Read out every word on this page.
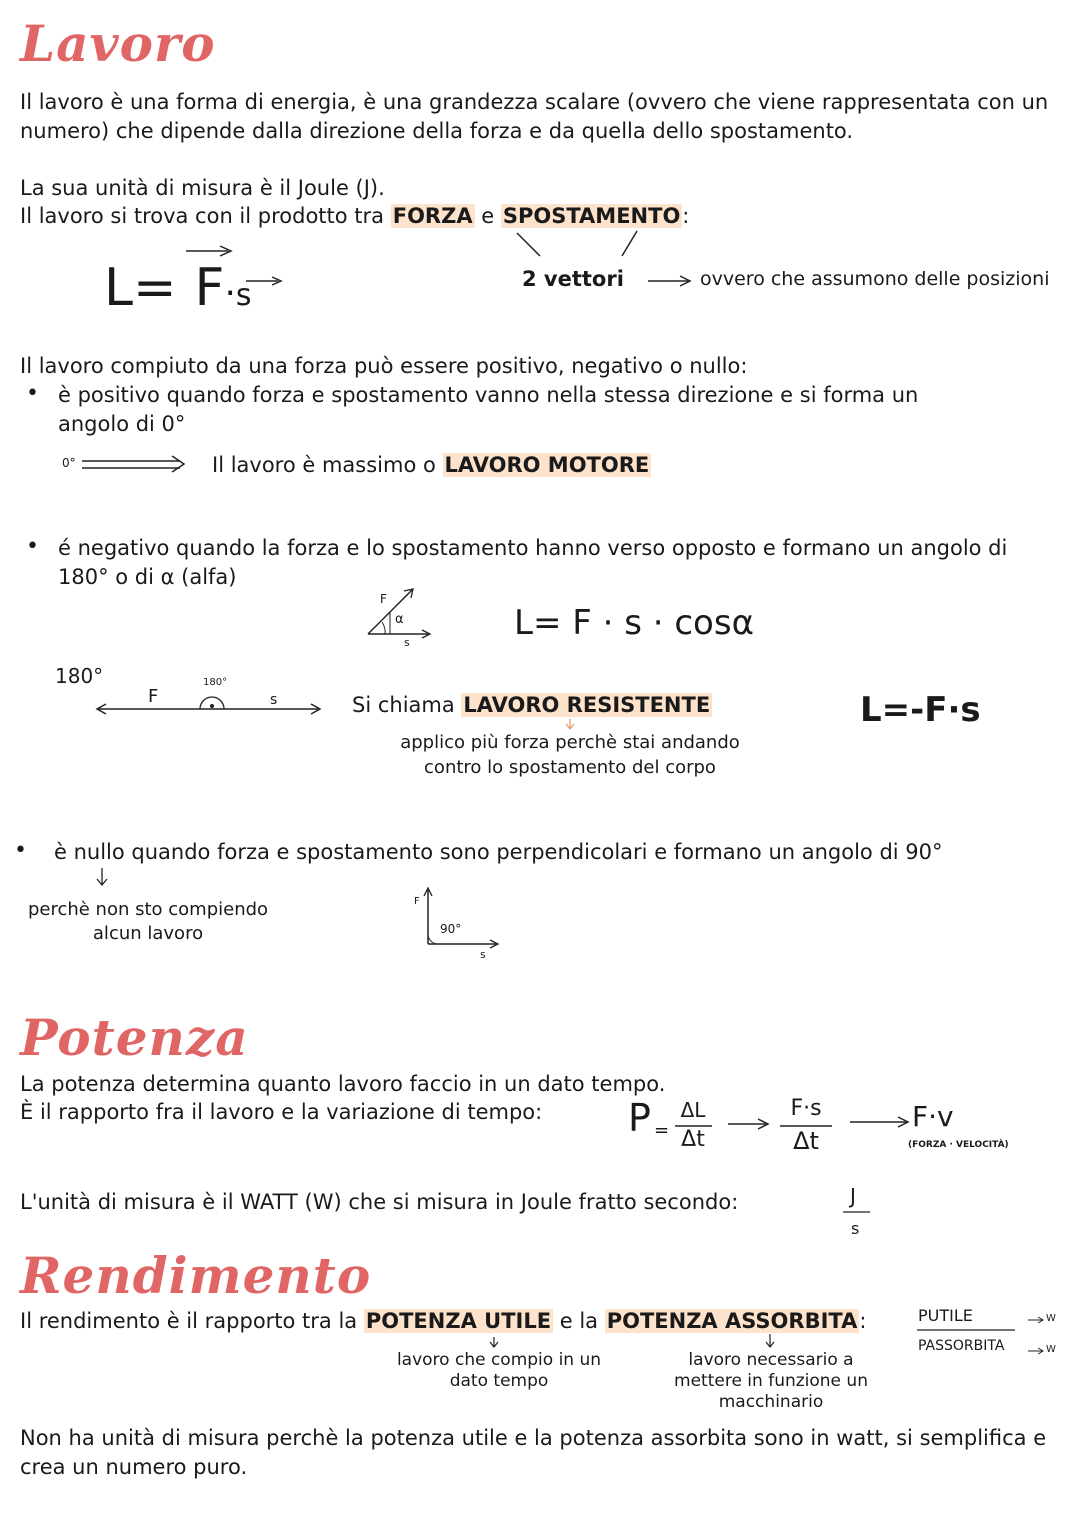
Lavoro
Il lavoro è una forma di energia, è una grandezza scalare (ovvero che viene rappresentata con un numero) che dipende dalla direzione della forza e da quella dello spostamento.
La sua unità di misura è il Joule (J).
Il lavoro si trova con il prodotto tra FORZA e SPOSTAMENTO:
L= F·s	2 vettori	ovvero che assumono delle posizioni
Il lavoro compiuto da una forza può essere positivo, negativo o nullo:
• è positivo quando forza e spostamento vanno nella stessa direzione e si forma un angolo di 0°
0°	Il lavoro è massimo o LAVORO MOTORE
• é negativo quando la forza e lo spostamento hanno verso opposto e formano un angolo di 180° o di α (alfa)
F
α
s	L= F · s · cosα
180°	180°
F	s	Si chiama LAVORO RESISTENTE	L=-F·s
applico più forza perchè stai andando contro lo spostamento del corpo
• è nullo quando forza e spostamento sono perpendicolari e formano un angolo di 90°
perchè non sto compiendo alcun lavoro
F
90°
s
Potenza
La potenza determina quanto lavoro faccio in un dato tempo.
È il rapporto fra il lavoro e la variazione di tempo: P =
ΔL
Δt
F·s
Δt
F·v
(FORZA · VELOCITÀ)
L'unità di misura è il WATT (W) che si misura in Joule fratto secondo:	J
s
Rendimento
Il rendimento è il rapporto tra la POTENZA UTILE e la POTENZA ASSORBITA:	PUTILE
PASSORBITA
W
W
lavoro che compio in un dato tempo
lavoro necessario a mettere in funzione un macchinario
Non ha unità di misura perchè la potenza utile e la potenza assorbita sono in watt, si semplifica e crea un numero puro.
